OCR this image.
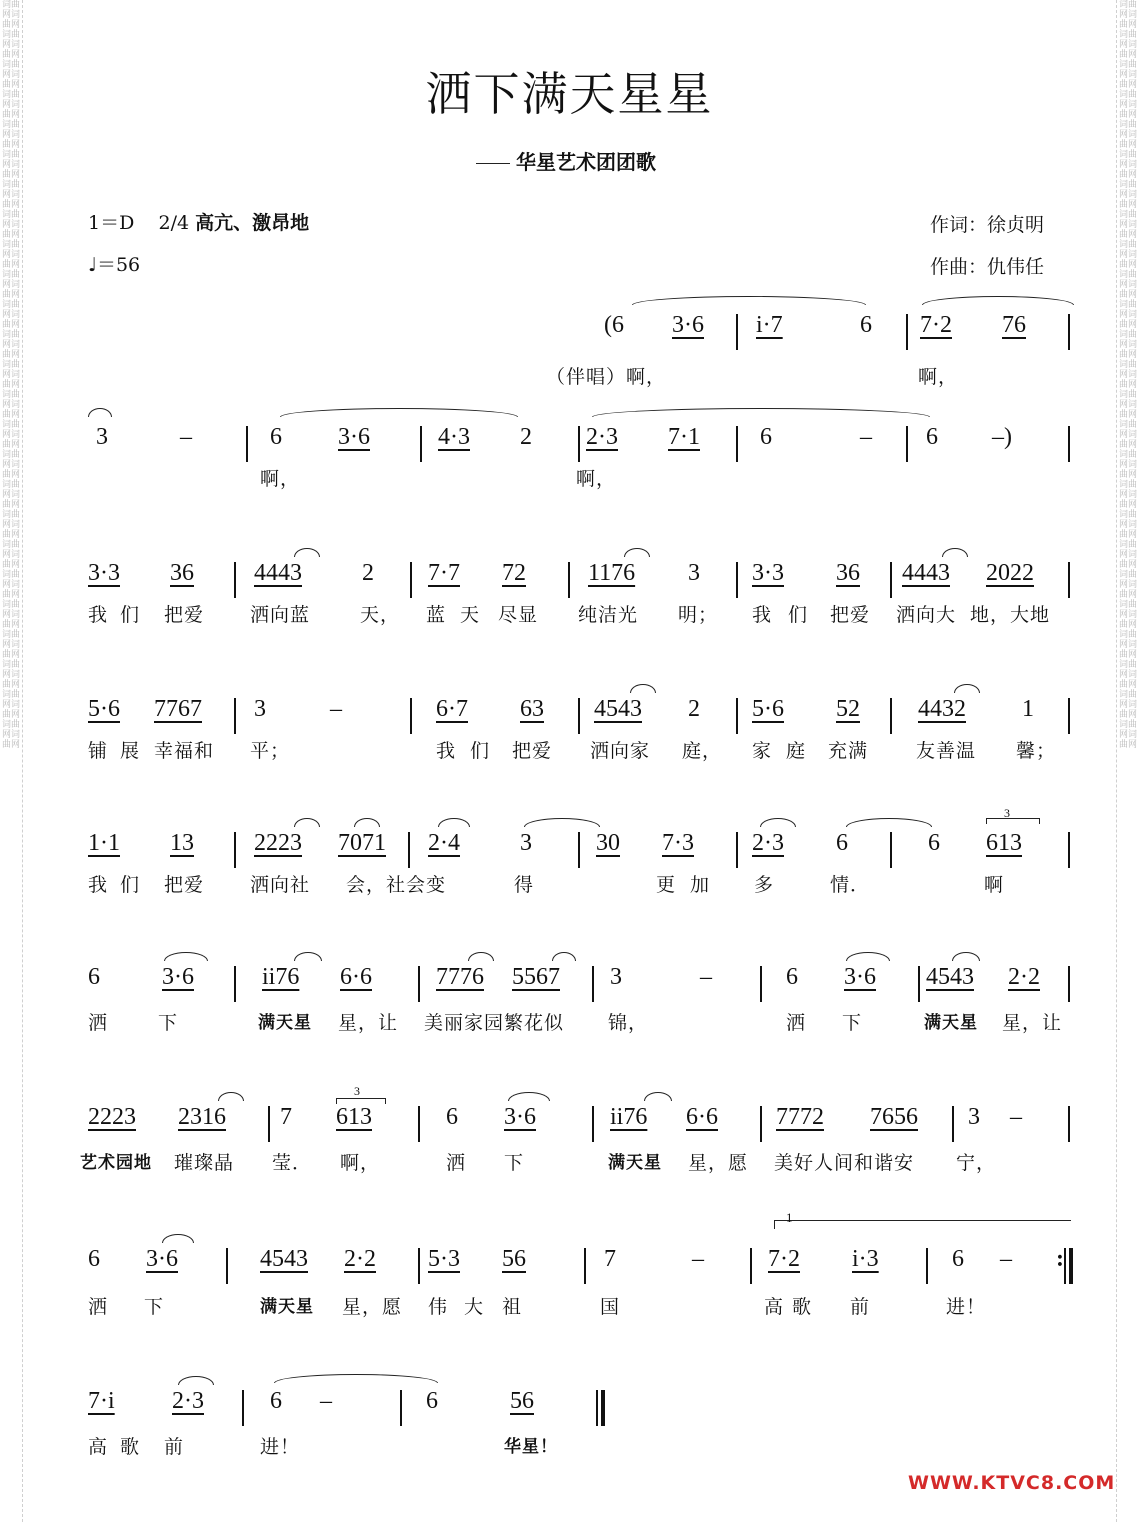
词曲网词曲网词曲网词曲网词曲网词曲网词曲网词曲网词曲网词曲网词曲网词曲网词曲网词曲网词曲网词曲网词曲网词曲网词曲网词曲网词曲网词曲网词曲网词曲网词曲网词曲网词曲网词曲网词曲网词曲网词曲网词曲网词曲网词曲网词曲网词曲网词曲网词曲网词曲网词曲网词曲网词曲网词曲网词曲网词曲网词曲网词曲网词曲网词曲网词曲网
词曲网词曲网词曲网词曲网词曲网词曲网词曲网词曲网词曲网词曲网词曲网词曲网词曲网词曲网词曲网词曲网词曲网词曲网词曲网词曲网词曲网词曲网词曲网词曲网词曲网词曲网词曲网词曲网词曲网词曲网词曲网词曲网词曲网词曲网词曲网词曲网词曲网词曲网词曲网词曲网词曲网词曲网词曲网词曲网词曲网词曲网词曲网词曲网词曲网词曲网
洒下满天星星
华星艺术团团歌
1＝D 2/4 高亢、激昂地
♩＝56
作词：徐贞明
作曲：仇伟任
(6 3·6 i·7	6 7·2 76
（伴唱）啊，	啊，
3	–	6 3·6	4·3 2 2·3 7·1	6	– 6 –)
啊，	啊，
3·3 36	4443	2 7·7 72	1176 3 3·3 36 4443 2022
我 们 把爱 洒向蓝	天， 蓝 天 尽显 纯洁光 明； 我 们 把爱 洒向大 地，大地
5·6 7767 3	–	6·7 63 4543 2 5·6 52 4432 1
铺 展 幸福和 平；	我 们 把爱 洒向家 庭， 家 庭 充满	友善温 馨；
1·1 13	2223 7071 2·4	3	30 7·3 2·3 6	6 613
3
我 们 把爱 洒向社 会，社会 变	得	更 加 多	情．	啊
6	3·6	ii76 6·6	7776 5567 3	–	6 3·6 4543 2·2
洒	下	满天星 星，让 美丽家园繁花似 锦，	洒 下	满天星 星，让
2223 2316 7 613	6 3·6	ii76 6·6 7772 7656 3 –
3
艺术园地 璀璨晶 莹． 啊，	洒 下	满天星 星，愿 美好人间和谐安 宁，
6 3·6	4543 2·2 5·3 56	7	–	7·2 i·3	6 – :
1
洒 下	满天星 星，愿 伟 大 祖	国	高 歌 前	进！
7·i 2·3	6 –	6	56
高 歌 前	进！	华星！
WWW.KTVC8.COM
